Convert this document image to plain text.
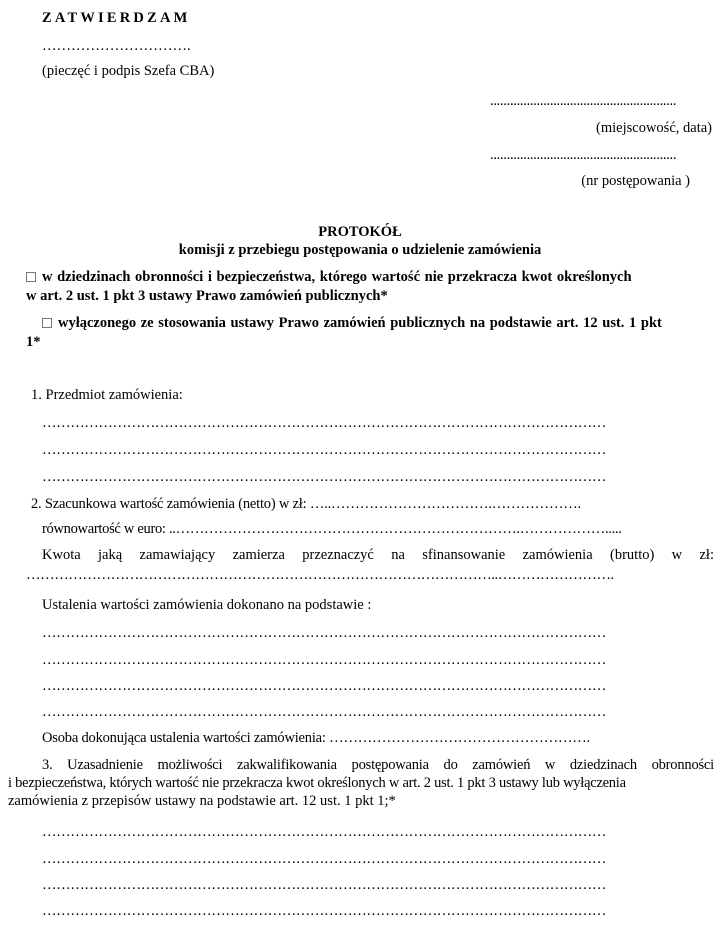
ZATWIERDZAM
………………………….
(pieczęć i podpis Szefa CBA)
........................................................
(miejscowość, data)
........................................................
(nr postępowania )
PROTOKÓŁ
komisji z przebiegu postępowania o udzielenie zamówienia
w dziedzinach obronności i bezpieczeństwa, którego wartość nie przekracza kwot określonych
w art. 2 ust. 1 pkt 3 ustawy Prawo zamówień publicznych*
wyłączonego ze stosowania ustawy Prawo zamówień publicznych na podstawie art. 12 ust. 1 pkt
1*
1. Przedmiot zamówienia:
…………………………………………………………………………………………………………
…………………………………………………………………………………………………………
…………………………………………………………………………………………………………
2. Szacunkowa wartość zamówienia (netto) w zł: …..…………………………….……………….
równowartość w euro: ..……………………………………………………………….……………….....
Kwota jaką zamawiający zamierza przeznaczyć na sfinansowanie zamówienia (brutto) w zł:
………………………………………………………………………………………..…………………….
Ustalenia wartości zamówienia dokonano na podstawie :
…………………………………………………………………………………………………………
…………………………………………………………………………………………………………
…………………………………………………………………………………………………………
…………………………………………………………………………………………………………
Osoba dokonująca ustalenia wartości zamówienia: ……………………………………………….
3. Uzasadnienie możliwości zakwalifikowania postępowania do zamówień w dziedzinach obronności
i bezpieczeństwa, których wartość nie przekracza kwot określonych w art. 2 ust. 1 pkt 3 ustawy lub wyłączenia
zamówienia z przepisów ustawy na podstawie art. 12 ust. 1 pkt 1;*
…………………………………………………………………………………………………………
…………………………………………………………………………………………………………
…………………………………………………………………………………………………………
…………………………………………………………………………………………………………
